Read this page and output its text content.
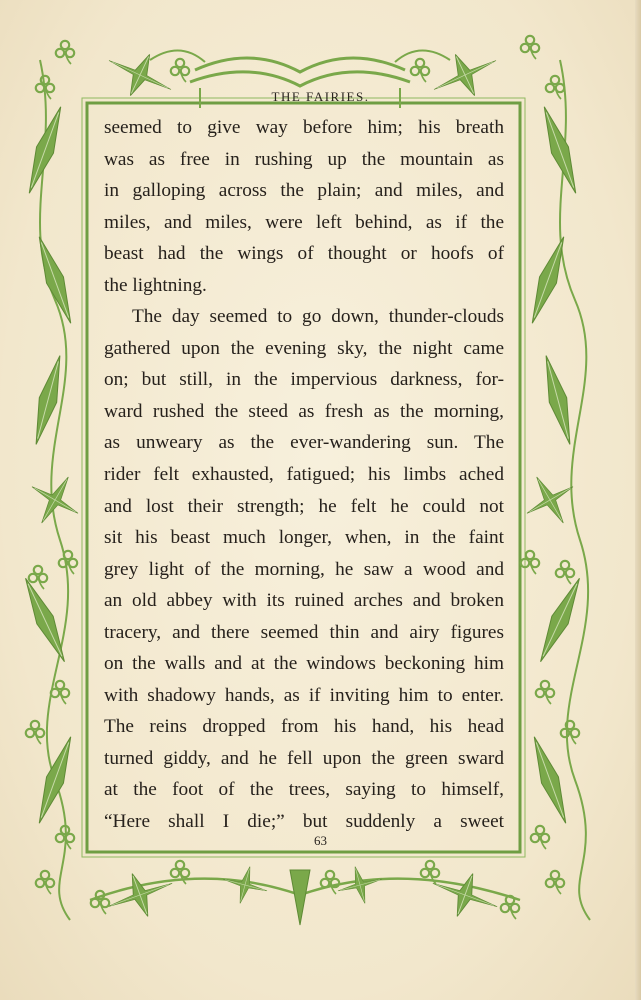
THE FAIRIES.
seemed to give way before him; his breath
was as free in rushing up the mountain as
in galloping across the plain; and miles, and
miles, and miles, were left behind, as if the
beast had the wings of thought or hoofs of
the lightning.
The day seemed to go down, thunder-clouds
gathered upon the evening sky, the night came
on; but still, in the impervious darkness, for-
ward rushed the steed as fresh as the morning,
as unweary as the ever-wandering sun. The
rider felt exhausted, fatigued; his limbs ached
and lost their strength; he felt he could not
sit his beast much longer, when, in the faint
grey light of the morning, he saw a wood and
an old abbey with its ruined arches and broken
tracery, and there seemed thin and airy figures
on the walls and at the windows beckoning him
with shadowy hands, as if inviting him to enter.
The reins dropped from his hand, his head
turned giddy, and he fell upon the green sward
at the foot of the trees, saying to himself,
“Here shall I die;” but suddenly a sweet
63
